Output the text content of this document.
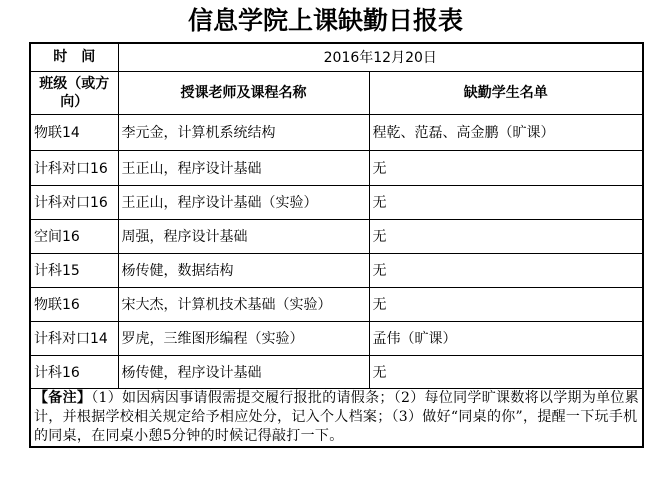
信息学院上课缺勤日报表
时　间	2016年12月20日	
班级（或方向）	授课老师及课程名称	缺勤学生名单
物联14	李元金，计算机系统结构	程乾、范磊、高金鹏（旷课）
计科对口16	王正山，程序设计基础	无
计科对口16	王正山，程序设计基础（实验）	无
空间16	周强，程序设计基础	无
计科15	杨传健，数据结构	无
物联16	宋大杰，计算机技术基础（实验）	无
计科对口14	罗虎，三维图形编程（实验）	孟伟（旷课）
计科16	杨传健，程序设计基础	无
【备注】（1）如因病因事请假需提交履行报批的请假条；（2）每位同学旷课数将以学期为单位累计，并根据学校相关规定给予相应处分，记入个人档案；（3）做好“同桌的你”，提醒一下玩手机的同桌，在同桌小憩5分钟的时候记得敲打一下。		
